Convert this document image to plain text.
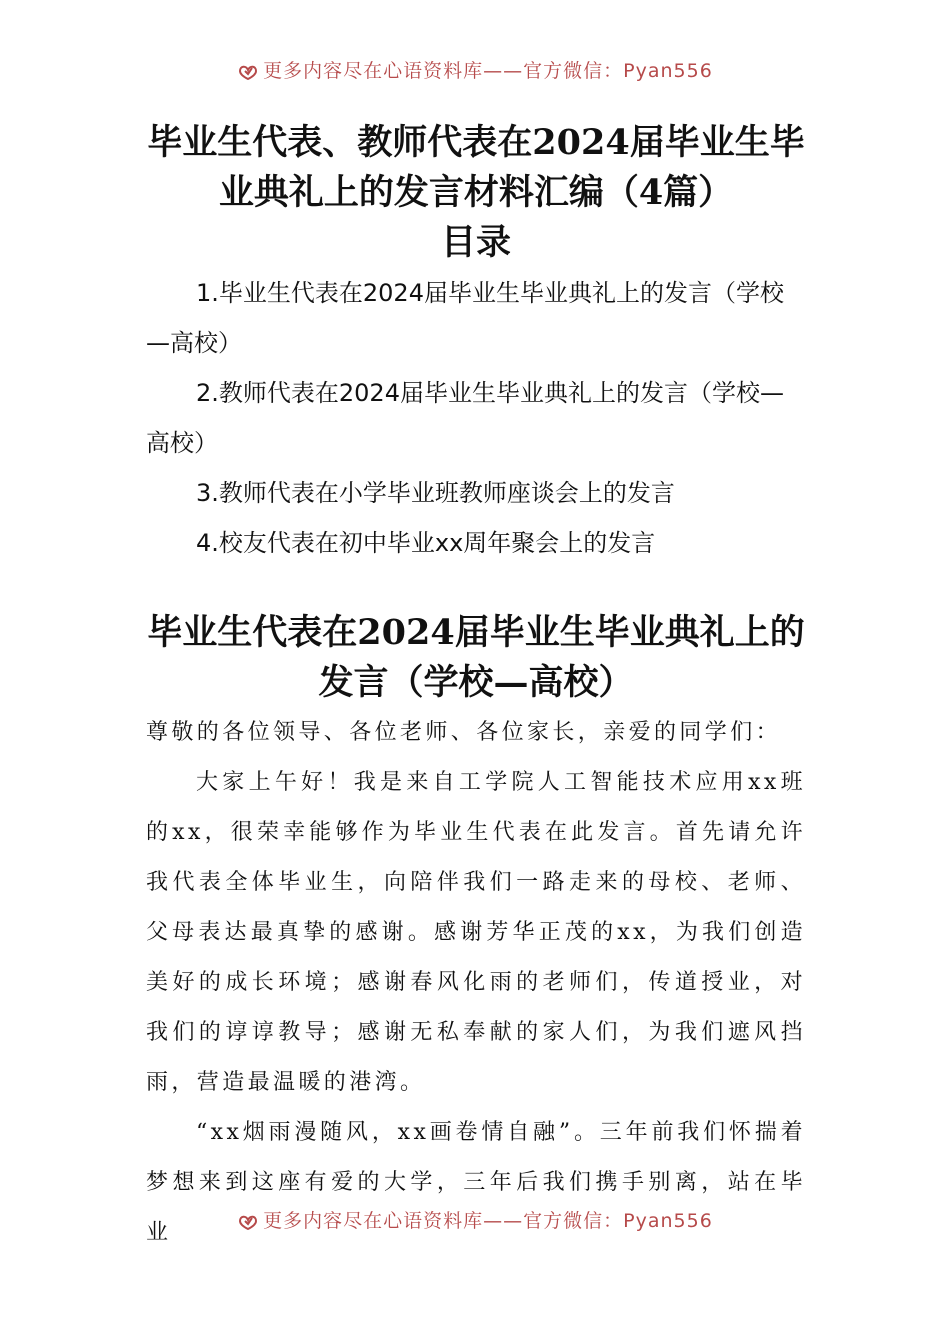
更多内容尽在心语资料库——官方微信：Pyan556
毕业生代表、教师代表在2024届毕业生毕业典礼上的发言材料汇编（4篇）
目录
1.毕业生代表在2024届毕业生毕业典礼上的发言（学校—高校）
2.教师代表在2024届毕业生毕业典礼上的发言（学校—高校）
3.教师代表在小学毕业班教师座谈会上的发言
4.校友代表在初中毕业xx周年聚会上的发言
毕业生代表在2024届毕业生毕业典礼上的发言（学校—高校）

尊敬的各位领导、各位老师、各位家长，亲爱的同学们：

大家上午好！我是来自工学院人工智能技术应用xx班的xx，很荣幸能够作为毕业生代表在此发言。首先请允许我代表全体毕业生，向陪伴我们一路走来的母校、老师、父母表达最真挚的感谢。感谢芳华正茂的xx，为我们创造美好的成长环境；感谢春风化雨的老师们，传道授业，对我们的谆谆教导；感谢无私奉献的家人们，为我们遮风挡雨，营造最温暖的港湾。

“xx烟雨漫随风，xx画卷情自融”。三年前我们怀揣着梦想来到这座有爱的大学，三年后我们携手别离，站在毕业	更多内容尽在心语资料库——官方微信：Pyan556
